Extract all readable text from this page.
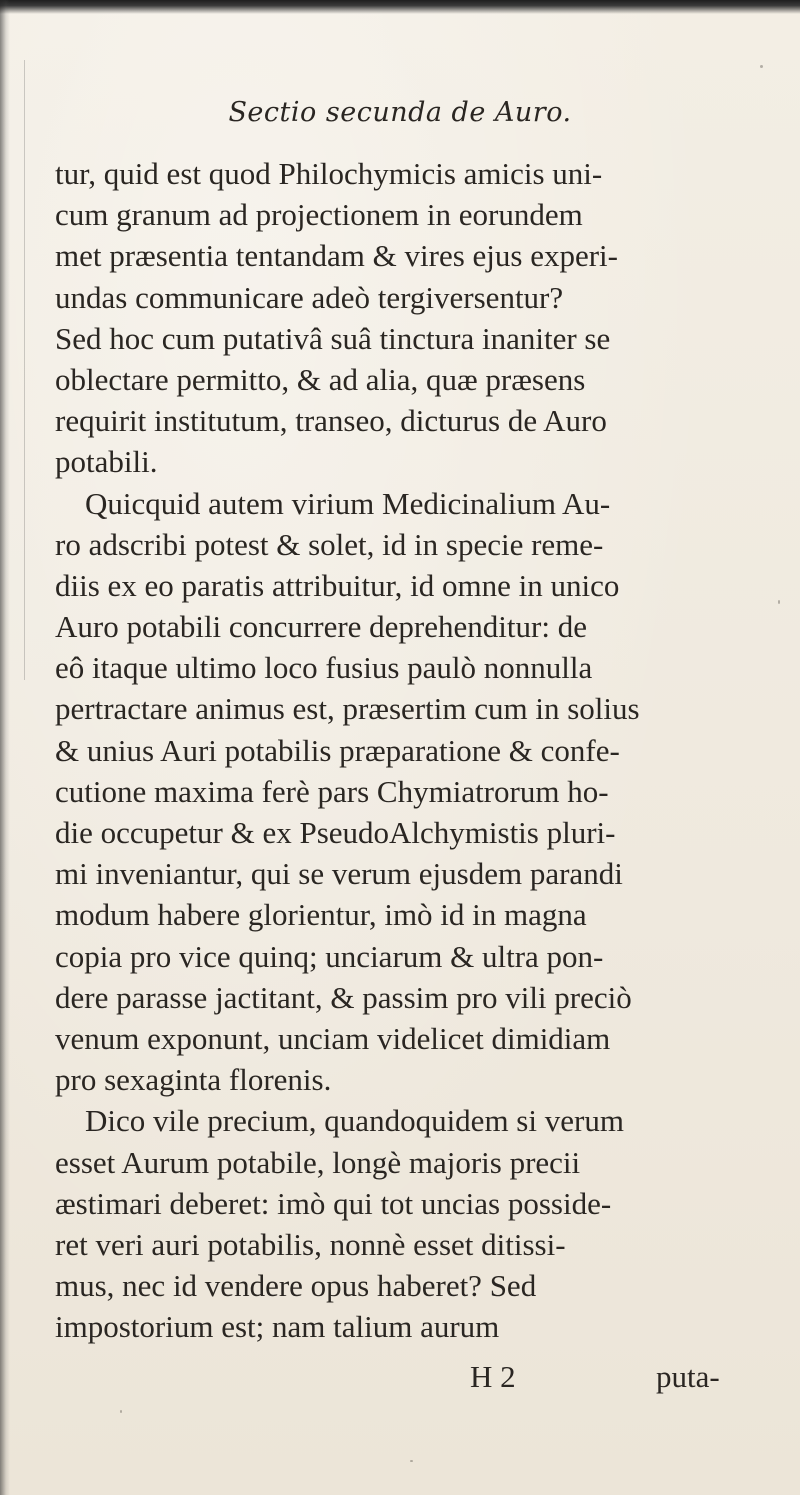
Sectio secunda de Auro.
tur, quid est quod Philochymicis amicis uni-
cum granum ad projectionem in eorundem
met præsentia tentandam & vires ejus experi-
undas communicare adeò tergiversentur?
Sed hoc cum putativâ suâ tinctura inaniter se
oblectare permitto, & ad alia, quæ præsens
requirit institutum, transeo, dicturus de Auro
potabili.
Quicquid autem virium Medicinalium Au-
ro adscribi potest & solet, id in specie reme-
diis ex eo paratis attribuitur, id omne in unico
Auro potabili concurrere deprehenditur: de
eô itaque ultimo loco fusius paulò nonnulla
pertractare animus est, præsertim cum in solius
& unius Auri potabilis præparatione & confe-
cutione maxima ferè pars Chymiatrorum ho-
die occupetur & ex PseudoAlchymistis pluri-
mi inveniantur, qui se verum ejusdem parandi
modum habere glorientur, imò id in magna
copia pro vice quinq; unciarum & ultra pon-
dere parasse jactitant, & passim pro vili preciò
venum exponunt, unciam videlicet dimidiam
pro sexaginta florenis.
Dico vile precium, quandoquidem si verum
esset Aurum potabile, longè majoris precii
æstimari deberet: imò qui tot uncias posside-
ret veri auri potabilis, nonnè esset ditissi-
mus, nec id vendere opus haberet? Sed
impostorium est; nam talium aurum
H 2	puta-
